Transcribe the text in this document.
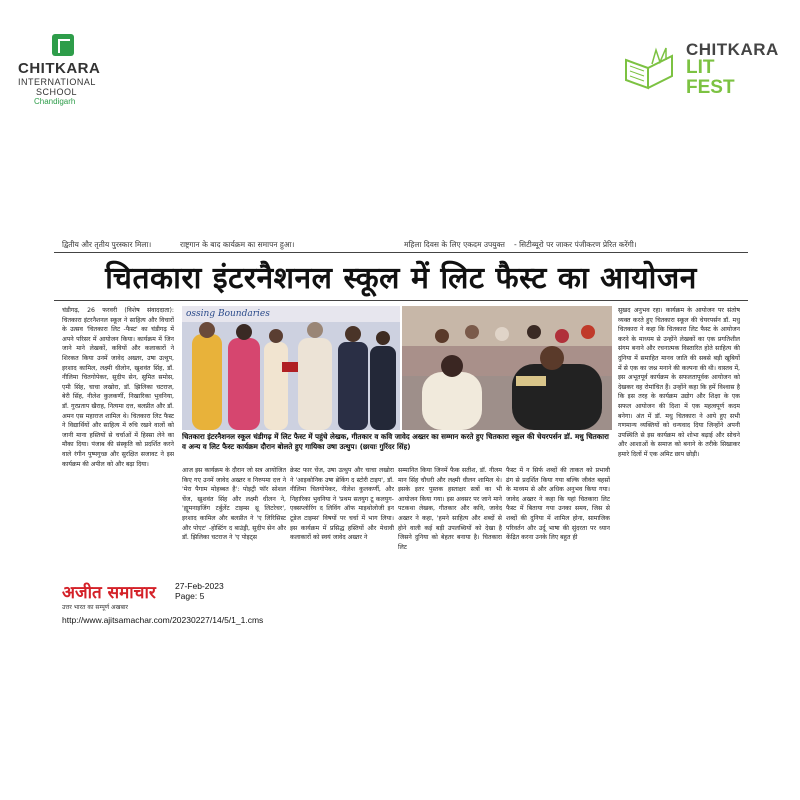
CHITKARA
INTERNATIONAL
SCHOOL
Chandigarh
CHITKARA
LIT
FEST
द्वितीय और तृतीय पुरस्कार मिला।	राष्ट्रगान के बाद कार्यक्रम का समापन हुआ।	महिला दिवस के लिए एकदम उपयुक्त - सिटीब्यूरो पर जाकर पंजीकरण प्रेरित करेंगी।
चितकारा इंटरनैशनल स्कूल में लिट फैस्ट का आयोजन

चंडीगढ़, 26 फरवरी (विशेष संवाददाता): चितकारा इंटरनैशनल स्कूल ने साहित्य और विचारों के उत्सव 'चितकारा लिट -फैस्ट' का चंडीगढ़ में अपने परिसर में आयोजन किया। कार्यक्रम में जिन जाने माने लेखकों, कवियों और कलाकारों ने शिरकत किया उनमें जावेद अख्तर, उषा उत्थुप, इरशाद कामिल, लक्ष्मी धीलोन, खुशवंत सिंह, डॉ. नीलिमा चितगोपेकर, सुदीप सेन, सुमित समोस, एमी सिंह, चाचा लखोरा, डॉ. झिलिका चटराज, बेरी सिंह, नीलेश कुलकर्णी, निखारिका भुवनिया, डॉ. गुरप्रताप खैराह, नित्यमा दत्त, बलप्रीत और डॉ. अमन एस महाराज शामिल थे। चितकारा लिट फैस्ट ने विद्यार्थियों और साहित्य में रुचि रखने वालों को जानी माना हस्तियों से चर्चाओं में हिस्सा लेने का मौका दिया। पंजाब की संस्कृति को प्रदर्शित करने वाले रंगीन पुष्पगुच्छ और सुरक्षित सजावट ने इस कार्यक्रम की अपील को और बढ़ा दिया।

ossing Boundaries
चितकारा इंटरनैशनल स्कूल चंडीगढ़ में लिट फैस्ट में पहुंचे लेखक, गीतकार व कवि जावेद अख्तर का सम्मान करते हुए चितकारा स्कूल की चेयरपर्सन डॉ. मधु चितकारा व अन्य व लिट फैस्ट कार्यक्रम दौरान बोलते हुए गायिका उषा उत्थुप। (छायाः गुरिंदर सिंह)

आज इस कार्यक्रम के दौरान जो सत्र आयोजित किए गए उनमें जावेद अख्तर व निरुपमा दत्त ने 'मेरा पैगाम मोहब्बत है': पोइट्री फॉर सोशल चेंज, खुशवंत सिंह और लक्ष्मी धीलन ने, 'ह्यूमनाइजिंग टर्बुलेंट टाइम्स थ्रू लिटरेचर', इरशाद कामिल और बलप्रीत ने 'ए लिरिसिस्ट और पोएट' -होस्टिंग द बाउंड्री, सुदीप सेन और डॉ. झिलिका चटराज ने 'ए पोइट्स

क्रेस्ट फार चेंज, उषा उत्थुप और चाचा लखोरा ने 'आइकोनिक उषा ब्रेकिंग द स्टोरी टाइप', डॉ. नीलिमा चितगोपेकर, नीलेश कुलकर्णी, और निहारिका भुवनिया ने 'प्रथम सतयुग टू कलयुग- एक्सप्लोरिंग द लिविंग ऑफ माइथोलोजी इन टूडेज टाइम्स' विषयों पर चर्चा में भाग लिया। इस कार्यक्रम में प्रसिद्ध हस्तियों और मेधावी कलाकारों को स्वयं जावेद अख्तर ने

सम्मानित किया जिनमें फैक सतीश, डॉ. नीलम मान सिंह चौधरी और लक्ष्मी धीलन शामिल थे। इसके इतर पुस्तक हस्ताक्षर सत्रों का भी आयोजन किया गया। इस अवसर पर जाने माने पटकथा लेखक, गीतकार और कवि, जावेद अख्तर ने कहा, 'हमने साहित्य और शब्दों से होने वाली कई बड़ी उपलब्धियों को देखा है जिसने दुनिया को बेहतर बनाया है। चितकारा लिट

फैस्ट में न सिर्फ शब्दों की ताकत को प्रभावी ढंग से प्रदर्शित किया गया बल्कि जीवंत बहसों के माध्यम से और अधिक अनुभव किया गया। जावेद अख्तर ने कहा कि यहां चितकारा लिट फैस्ट में बिताया गया उनका समय, जिस से शब्दों की दुनिया में शामिल होना, सामाजिक परिवर्तन और उर्दू भाषा की सुंदरता पर ध्यान केंद्रित करना उनके लिए बहुत ही

सुखद अनुभव रहा। कार्यक्रम के आयोजन पर संतोष व्यक्त करते हुए चितकारा स्कूल की चेयरपर्सन डॉ. मधु चितकारा ने कहा कि चितकारा लिट फैस्ट के आयोजन करने के माध्यम से उन्होंने लेखकों का एक प्रगतिशील संगम बनाने और रचनात्मक विस्तारित होते साहित्य की दुनिया में समाहित मानव जाति की सबसे बड़ी खूबियों में से एक का जश्न मनाने की कल्पना की थी। वास्तव में, इस अभूतपूर्व कार्यक्रम के सफलतापूर्वक आयोजन को देखकर वह रोमांचित हैं। उन्होंने कहा कि हमें विश्वास है कि इस तरह के कार्यक्रम उद्योग और शिक्षा के एक सफल आयोजन की दिशा में एक महत्वपूर्ण कदम बनेगा। अंत में डॉ. मधु चितकारा ने आये हुए सभी गणमान्य व्यक्तियों को धन्यवाद दिया जिन्होंने अपनी उपस्थिति से इस कार्यक्रम को शोभा बढ़ाई और सोचने और आशाओं के समाज को बनाने के तरीके सिखाकर हमारे दिलों में एक अमिट छाप छोड़ी।

अजीत समाचार
उत्तर भारत का सम्पूर्ण अखबार
27-Feb-2023
Page: 5
http://www.ajitsamachar.com/20230227/14/5/1_1.cms
